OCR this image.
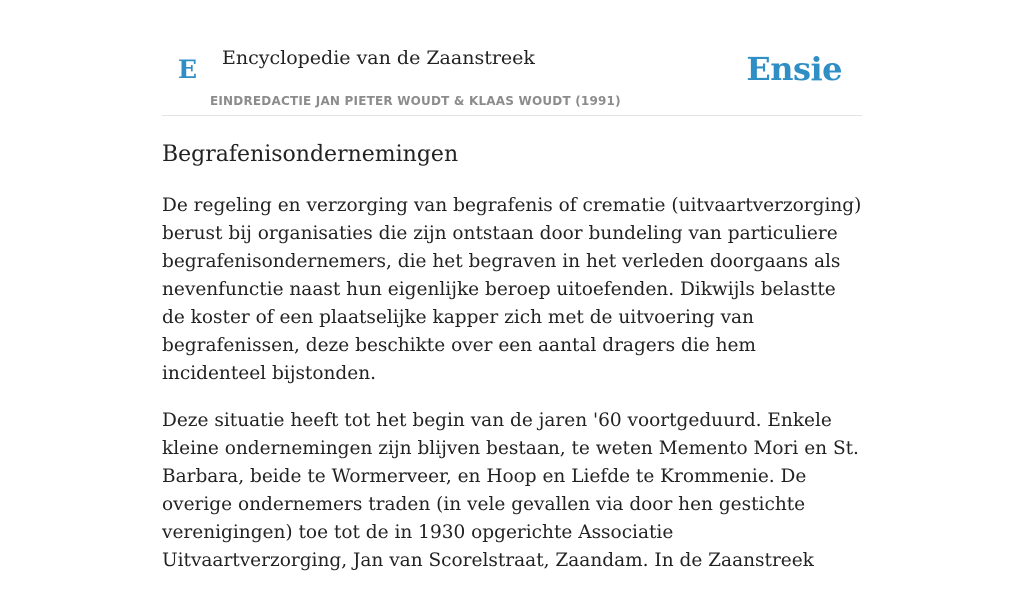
E Encyclopedie van de Zaanstreek
EINDREDACTIE JAN PIETER WOUDT & KLAAS WOUDT (1991)
Ensie
Begrafenisondernemingen

De regeling en verzorging van begrafenis of crematie (uitvaartverzorging) berust bij organisaties die zijn ontstaan door bundeling van particuliere begrafenisondernemers, die het begraven in het verleden doorgaans als nevenfunctie naast hun eigenlijke beroep uitoefenden. Dikwijls belastte de koster of een plaatselijke kapper zich met de uitvoering van begrafenissen, deze beschikte over een aantal dragers die hem incidenteel bijstonden.

Deze situatie heeft tot het begin van de jaren '60 voortgeduurd. Enkele kleine ondernemingen zijn blijven bestaan, te weten Memento Mori en St. Barbara, beide te Wormerveer, en Hoop en Liefde te Krommenie. De overige ondernemers traden (in vele gevallen via door hen gestichte verenigingen) toe tot de in 1930 opgerichte Associatie Uitvaartverzorging, Jan van Scorelstraat, Zaandam. In de Zaanstreek
